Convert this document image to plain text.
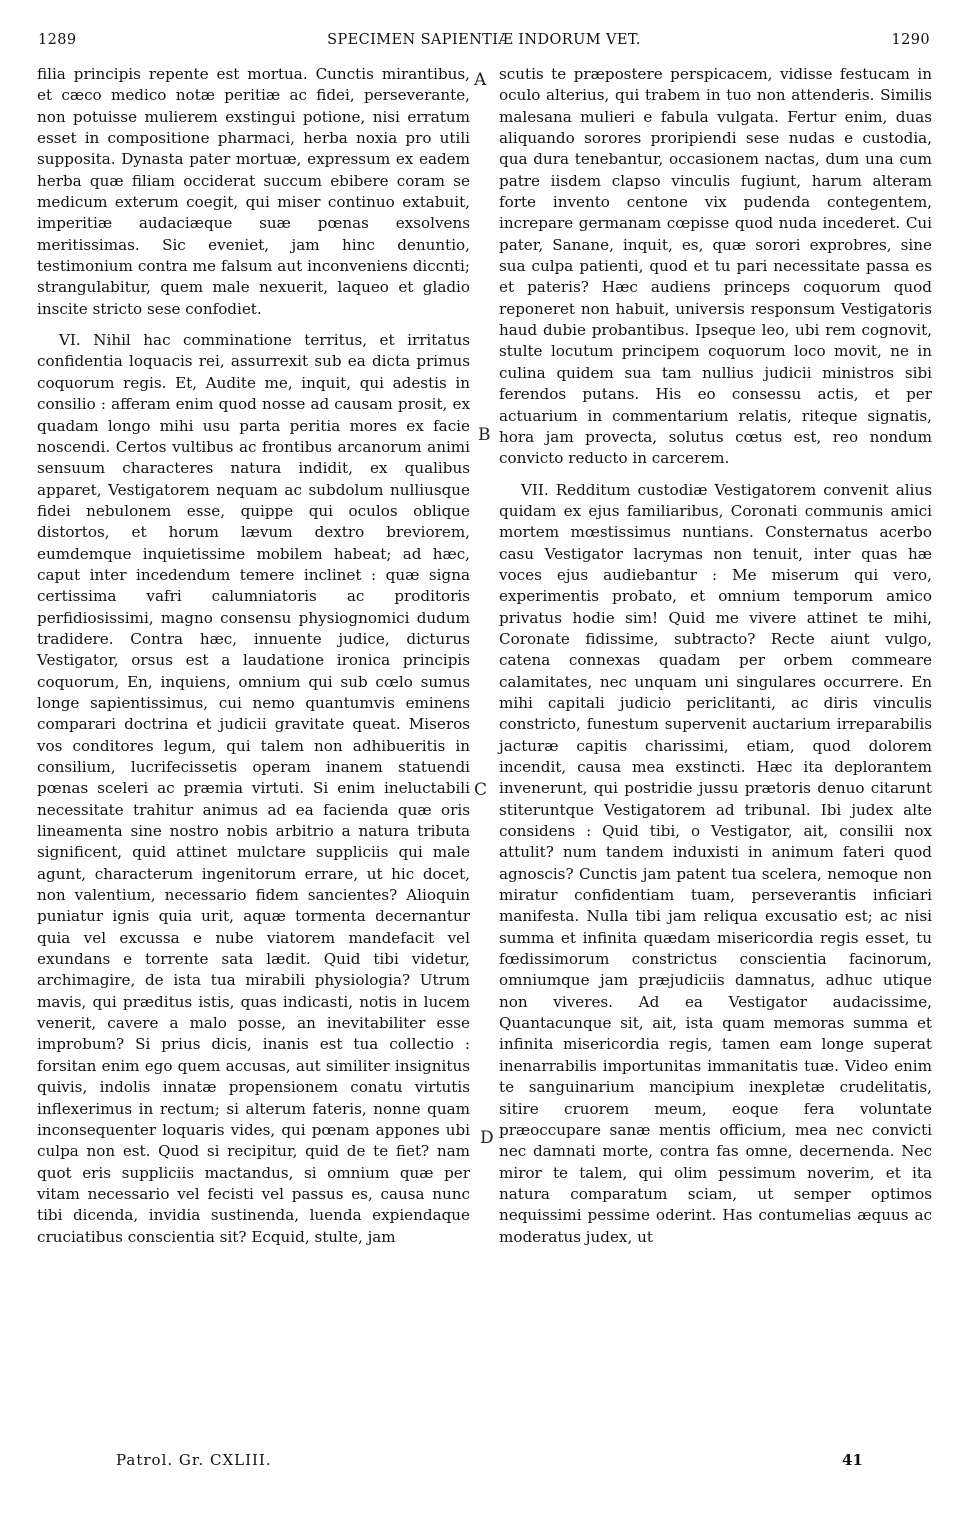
1289	SPECIMEN SAPIENTIÆ INDORUM VET.	1290

filia principis repente est mortua. Cunctis mirantibus, et cæco medico notæ peritiæ ac fidei, perseverante, non potuisse mulierem exstingui potione, nisi erratum esset in compositione pharmaci, herba noxia pro utili supposita. Dynasta pater mortuæ, expressum ex eadem herba quæ filiam occiderat succum ebibere coram se medicum exterum coegit, qui miser continuo extabuit, imperitiæ audaciæque suæ pœnas exsolvens meritissimas. Sic eveniet, jam hinc denuntio, testimonium contra me falsum aut inconveniens diccnti; strangulabitur, quem male nexuerit, laqueo et gladio inscite stricto sese confodiet.

VI. Nihil hac comminatione territus, et irritatus confidentia loquacis rei, assurrexit sub ea dicta primus coquorum regis. Et, Audite me, inquit, qui adestis in consilio : afferam enim quod nosse ad causam prosit, ex quadam longo mihi usu parta peritia mores ex facie noscendi. Certos vultibus ac frontibus arcanorum animi sensuum characteres natura indidit, ex qualibus apparet, Vestigatorem nequam ac subdolum nulliusque fidei nebulonem esse, quippe qui oculos oblique distortos, et horum lævum dextro breviorem, eumdemque inquietissime mobilem habeat; ad hæc, caput inter incedendum temere inclinet : quæ signa certissima vafri calumniatoris ac proditoris perfidiosissimi, magno consensu physiognomici dudum tradidere. Contra hæc, innuente judice, dicturus Vestigator, orsus est a laudatione ironica principis coquorum, En, inquiens, omnium qui sub cœlo sumus longe sapientissimus, cui nemo quantumvis eminens comparari doctrina et judicii gravitate queat. Miseros vos conditores legum, qui talem non adhibueritis in consilium, lucrifecissetis operam inanem statuendi pœnas sceleri ac præmia virtuti. Si enim ineluctabili necessitate trahitur animus ad ea facienda quæ oris lineamenta sine nostro nobis arbitrio a natura tributa significent, quid attinet mulctare suppliciis qui male agunt, characterum ingenitorum errare, ut hic docet, non valentium, necessario fidem sancientes? Alioquin puniatur ignis quia urit, aquæ tormenta decernantur quia vel excussa e nube viatorem mandefacit vel exundans e torrente sata lædit. Quid tibi videtur, archimagire, de ista tua mirabili physiologia? Utrum mavis, qui præditus istis, quas indicasti, notis in lucem venerit, cavere a malo posse, an inevitabiliter esse improbum? Si prius dicis, inanis est tua collectio : forsitan enim ego quem accusas, aut similiter insignitus quivis, indolis innatæ propensionem conatu virtutis inflexerimus in rectum; si alterum fateris, nonne quam inconsequenter loquaris vides, qui pœnam appones ubi culpa non est. Quod si recipitur, quid de te fiet? nam quot eris suppliciis mactandus, si omnium quæ per vitam necessario vel fecisti vel passus es, causa nunc tibi dicenda, invidia sustinenda, luenda expiendaque cruciatibus conscientia sit? Ecquid, stulte, jam

scutis te præpostere perspicacem, vidisse festucam in oculo alterius, qui trabem in tuo non attenderis. Similis malesana mulieri e fabula vulgata. Fertur enim, duas aliquando sorores proripiendi sese nudas e custodia, qua dura tenebantur, occasionem nactas, dum una cum patre iisdem clapso vinculis fugiunt, harum alteram forte invento centone vix pudenda contegentem, increpare germanam cœpisse quod nuda incederet. Cui pater, Sanane, inquit, es, quæ sorori exprobres, sine sua culpa patienti, quod et tu pari necessitate passa es et pateris? Hæc audiens princeps coquorum quod reponeret non habuit, universis responsum Vestigatoris haud dubie probantibus. Ipseque leo, ubi rem cognovit, stulte locutum principem coquorum loco movit, ne in culina quidem sua tam nullius judicii ministros sibi ferendos putans. His eo consessu actis, et per actuarium in commentarium relatis, riteque signatis, hora jam provecta, solutus cœtus est, reo nondum convicto reducto in carcerem.

VII. Redditum custodiæ Vestigatorem convenit alius quidam ex ejus familiaribus, Coronati communis amici mortem mœstissimus nuntians. Consternatus acerbo casu Vestigator lacrymas non tenuit, inter quas hæ voces ejus audiebantur : Me miserum qui vero, experimentis probato, et omnium temporum amico privatus hodie sim! Quid me vivere attinet te mihi, Coronate fidissime, subtracto? Recte aiunt vulgo, catena connexas quadam per orbem commeare calamitates, nec unquam uni singulares occurrere. En mihi capitali judicio periclitanti, ac diris vinculis constricto, funestum supervenit auctarium irreparabilis jacturæ capitis charissimi, etiam, quod dolorem incendit, causa mea exstincti. Hæc ita deplorantem invenerunt, qui postridie jussu prætoris denuo citarunt stiteruntque Vestigatorem ad tribunal. Ibi judex alte considens : Quid tibi, o Vestigator, ait, consilii nox attulit? num tandem induxisti in animum fateri quod agnoscis? Cunctis jam patent tua scelera, nemoque non miratur confidentiam tuam, perseverantis inficiari manifesta. Nulla tibi jam reliqua excusatio est; ac nisi summa et infinita quædam misericordia regis esset, tu fœdissimorum constrictus conscientia facinorum, omniumque jam præjudiciis damnatus, adhuc utique non viveres. Ad ea Vestigator audacissime, Quantacunque sit, ait, ista quam memoras summa et infinita misericordia regis, tamen eam longe superat inenarrabilis importunitas immanitatis tuæ. Video enim te sanguinarium mancipium inexpletæ crudelitatis, sitire cruorem meum, eoque fera voluntate præoccupare sanæ mentis officium, mea nec convicti nec damnati morte, contra fas omne, decernenda. Nec miror te talem, qui olim pessimum noverim, et ita natura comparatum sciam, ut semper optimos nequissimi pessime oderint. Has contumelias æquus ac moderatus judex, ut

A
B
C
D
Patrol. Gr. CXLIII.	41
